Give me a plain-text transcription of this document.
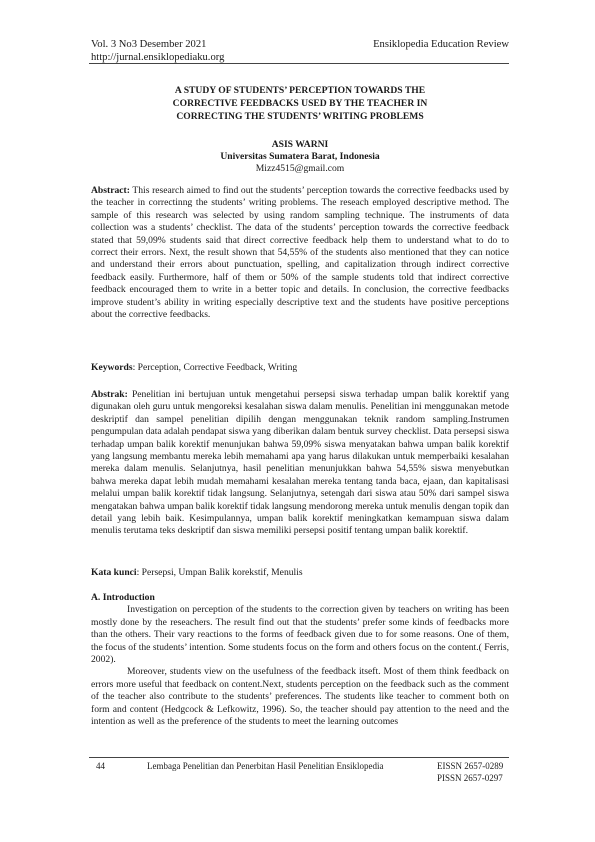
Vol. 3 No3 Desember 2021	Ensiklopedia Education Review
http://jurnal.ensiklopediaku.org
A STUDY OF STUDENTS’ PERCEPTION TOWARDS THE
CORRECTIVE FEEDBACKS USED BY THE TEACHER IN
CORRECTING THE STUDENTS’ WRITING PROBLEMS
ASIS WARNI
Universitas Sumatera Barat, Indonesia
Mizz4515@gmail.com
Abstract: This research aimed to find out the students’ perception towards the corrective feedbacks used by the teacher in correctinng the students’ writing problems. The reseach employed descriptive method. The sample of this research was selected by using random sampling technique. The instruments of data collection was a students’ checklist. The data of the students’ perception towards the corrective feedback stated that 59,09% students said that direct corrective feedback help them to understand what to do to correct their errors. Next, the result shown that 54,55% of the students also mentioned that they can notice and understand their errors about punctuation, spelling, and capitalization through indirect corrective feedback easily. Furthermore, half of them or 50% of the sample students told that indirect corrective feedback encouraged them to write in a better topic and details. In conclusion, the corrective feedbacks improve student’s ability in writing especially descriptive text and the students have positive perceptions about the corrective feedbacks.
Keywords: Perception, Corrective Feedback, Writing
Abstrak: Penelitian ini bertujuan untuk mengetahui persepsi siswa terhadap umpan balik korektif yang digunakan oleh guru untuk mengoreksi kesalahan siswa dalam menulis. Penelitian ini menggunakan metode deskriptif dan sampel penelitian dipilih dengan menggunakan teknik random sampling.Instrumen pengumpulan data adalah pendapat siswa yang diberikan dalam bentuk survey checklist. Data persepsi siswa terhadap umpan balik korektif menunjukan bahwa 59,09% siswa menyatakan bahwa umpan balik korektif yang langsung membantu mereka lebih memahami apa yang harus dilakukan untuk memperbaiki kesalahan mereka dalam menulis. Selanjutnya, hasil penelitian menunjukkan bahwa 54,55% siswa menyebutkan bahwa mereka dapat lebih mudah memahami kesalahan mereka tentang tanda baca, ejaan, dan kapitalisasi melalui umpan balik korektif tidak langsung. Selanjutnya, setengah dari siswa atau 50% dari sampel siswa mengatakan bahwa umpan balik korektif tidak langsung mendorong mereka untuk menulis dengan topik dan detail yang lebih baik. Kesimpulannya, umpan balik korektif meningkatkan kemampuan siswa dalam menulis terutama teks deskriptif dan siswa memiliki persepsi positif tentang umpan balik korektif.
Kata kunci: Persepsi, Umpan Balik korekstif, Menulis

A. Introduction

Investigation on perception of the students to the correction given by teachers on writing has been mostly done by the reseachers. The result find out that the students’ prefer some kinds of feedbacks more than the others. Their vary reactions to the forms of feedback given due to for some reasons. One of them, the focus of the students’ intention. Some students focus on the form and others focus on the content.( Ferris, 2002).

Moreover, students view on the usefulness of the feedback itseft. Most of them think feedback on errors more useful that feedback on content.Next, students perception on the feedback such as the comment of the teacher also contribute to the students’ preferences. The students like teacher to comment both on form and content (Hedgcock & Lefkowitz, 1996). So, the teacher should pay attention to the need and the intention as well as the preference of the students to meet the learning outcomes

44	Lembaga Penelitian dan Penerbitan Hasil Penelitian Ensiklopedia	EISSN 2657-0289
PISSN 2657-0297
